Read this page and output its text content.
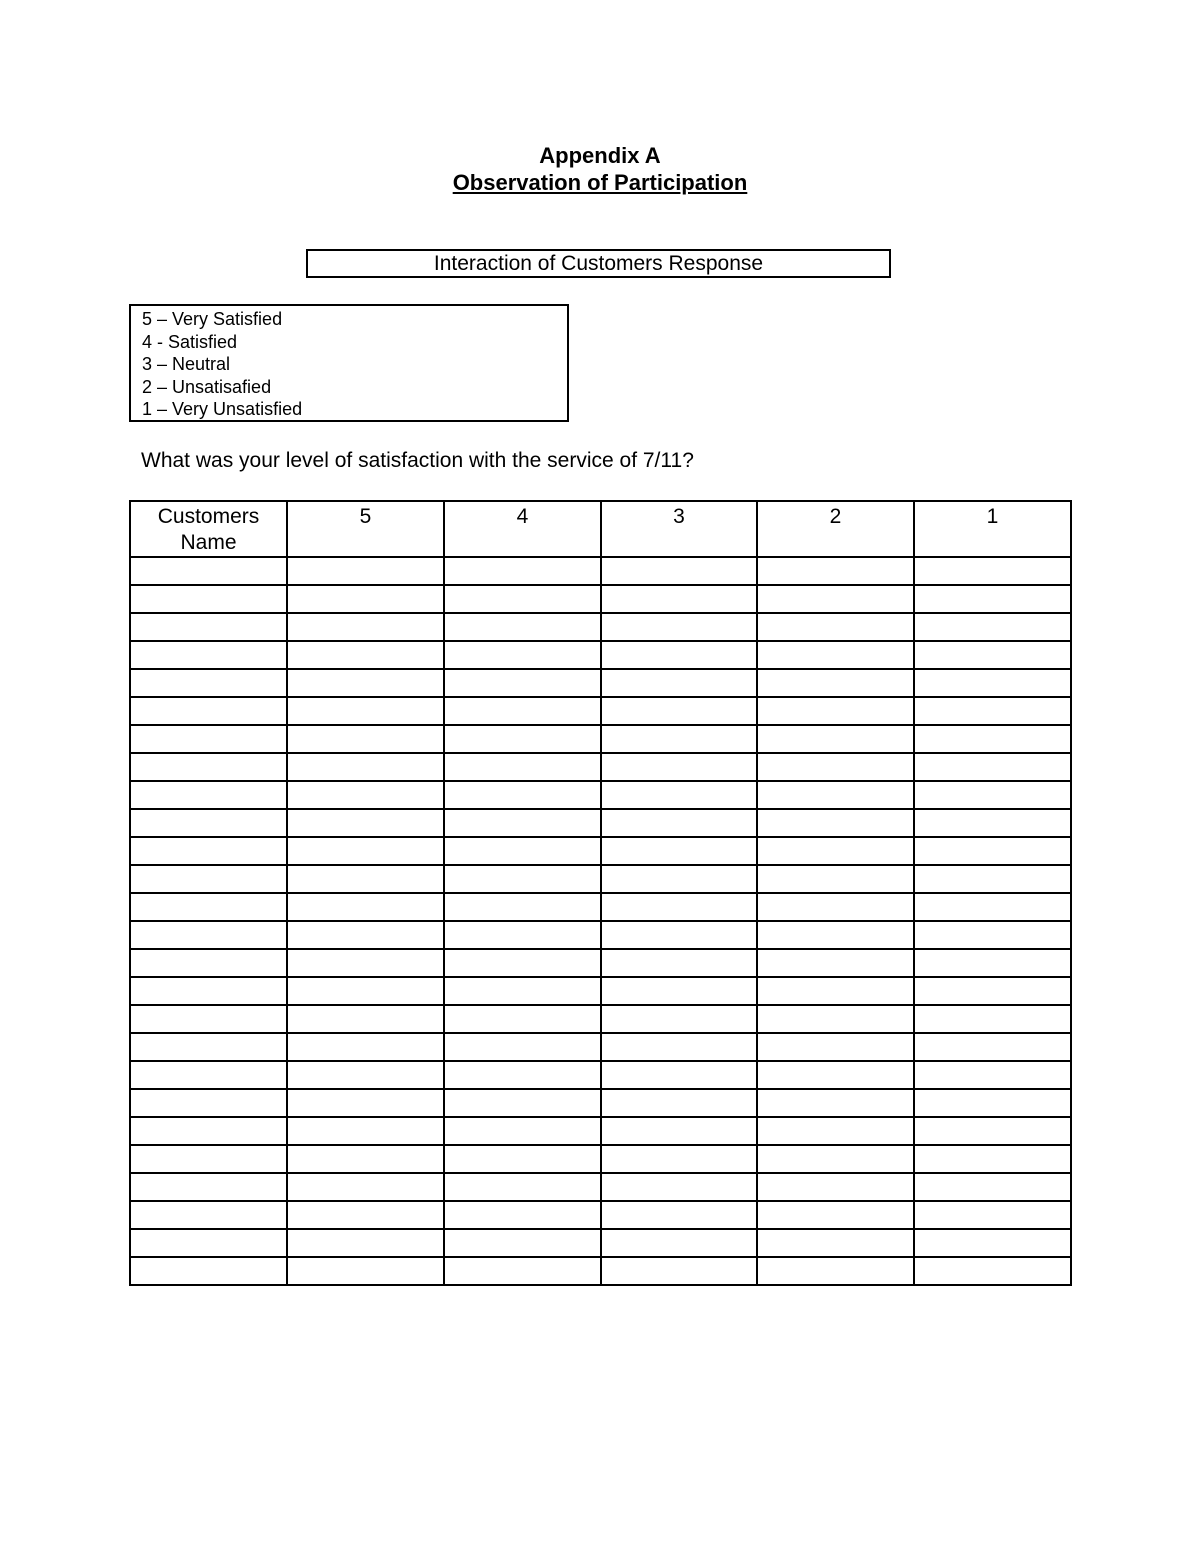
Appendix A
Observation of Participation
Interaction of Customers Response
5 – Very Satisfied
4 - Satisfied
3 – Neutral
2 – Unsatisafied
1 – Very Unsatisfied
What was your level of satisfaction with the service of 7/11?
Customers Name	5	4	3	2	1
